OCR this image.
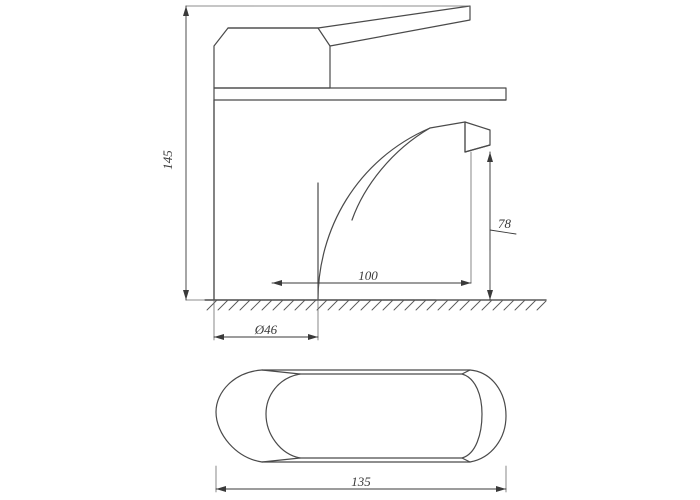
145
78
100
Ø46
135
